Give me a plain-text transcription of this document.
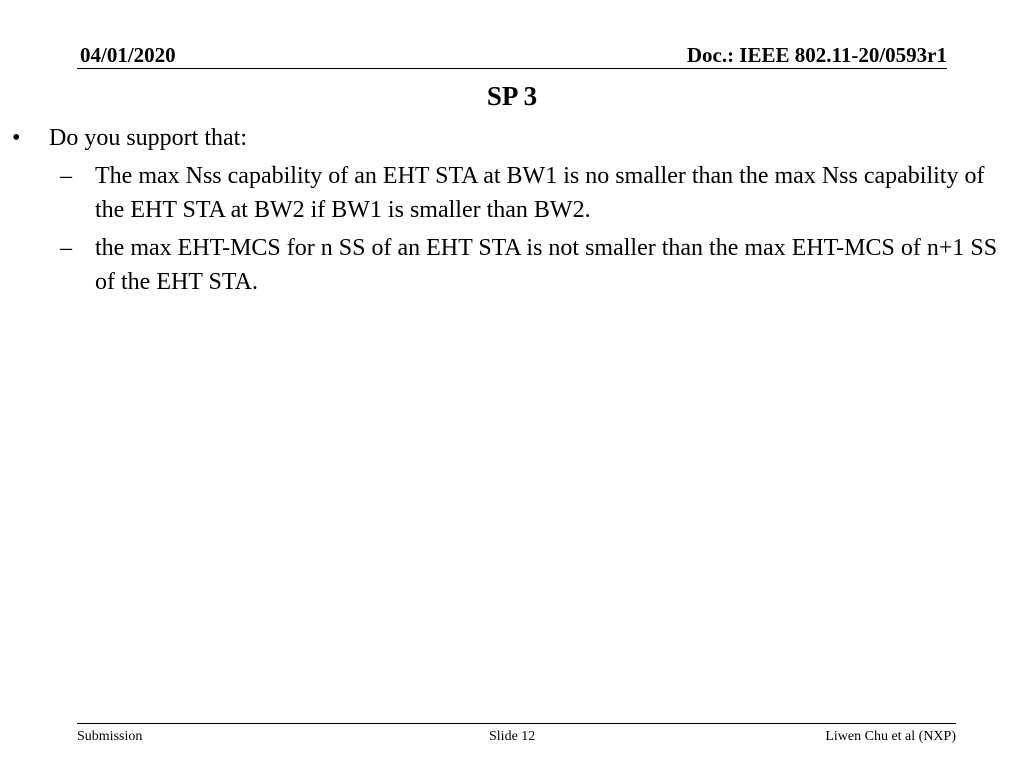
04/01/2020	Doc.: IEEE 802.11-20/0593r1
SP 3
• Do you support that:
– The max Nss capability of an EHT STA at BW1 is no smaller than the max Nss capability of the EHT STA at BW2 if BW1 is smaller than BW2.
– the max EHT-MCS for n SS of an EHT STA is not smaller than the max EHT-MCS of n+1 SS of the EHT STA.
Submission	Slide 12	Liwen Chu et al (NXP)
